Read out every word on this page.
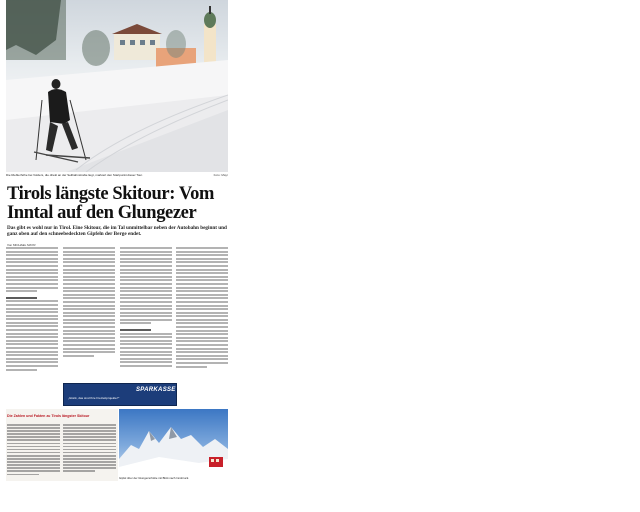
Die Rieblerhöhe bei Volders, die direkt an der Seilbahnstraße liegt, markiert den Startpunkt dieser Tour.	Foto: Mayr
Tirols längste Skitour: Vom Inntal auf den Glungezer

Das gibt es wohl nur in Tirol. Eine Skitour, die im Tal unmittelbar neben der Autobahn beginnt und ganz oben auf den schneebedeckten Gipfeln der Berge endet.

Von MICHAEL MAYR
SPARKASSE
„Glück, das sind Ihre Freizeitprojekte?“
Die Zahlen und Fakten zu Tirols längster Skitour
Gipfel über der Glungezerhütte mit Blick nach Innsbruck.
